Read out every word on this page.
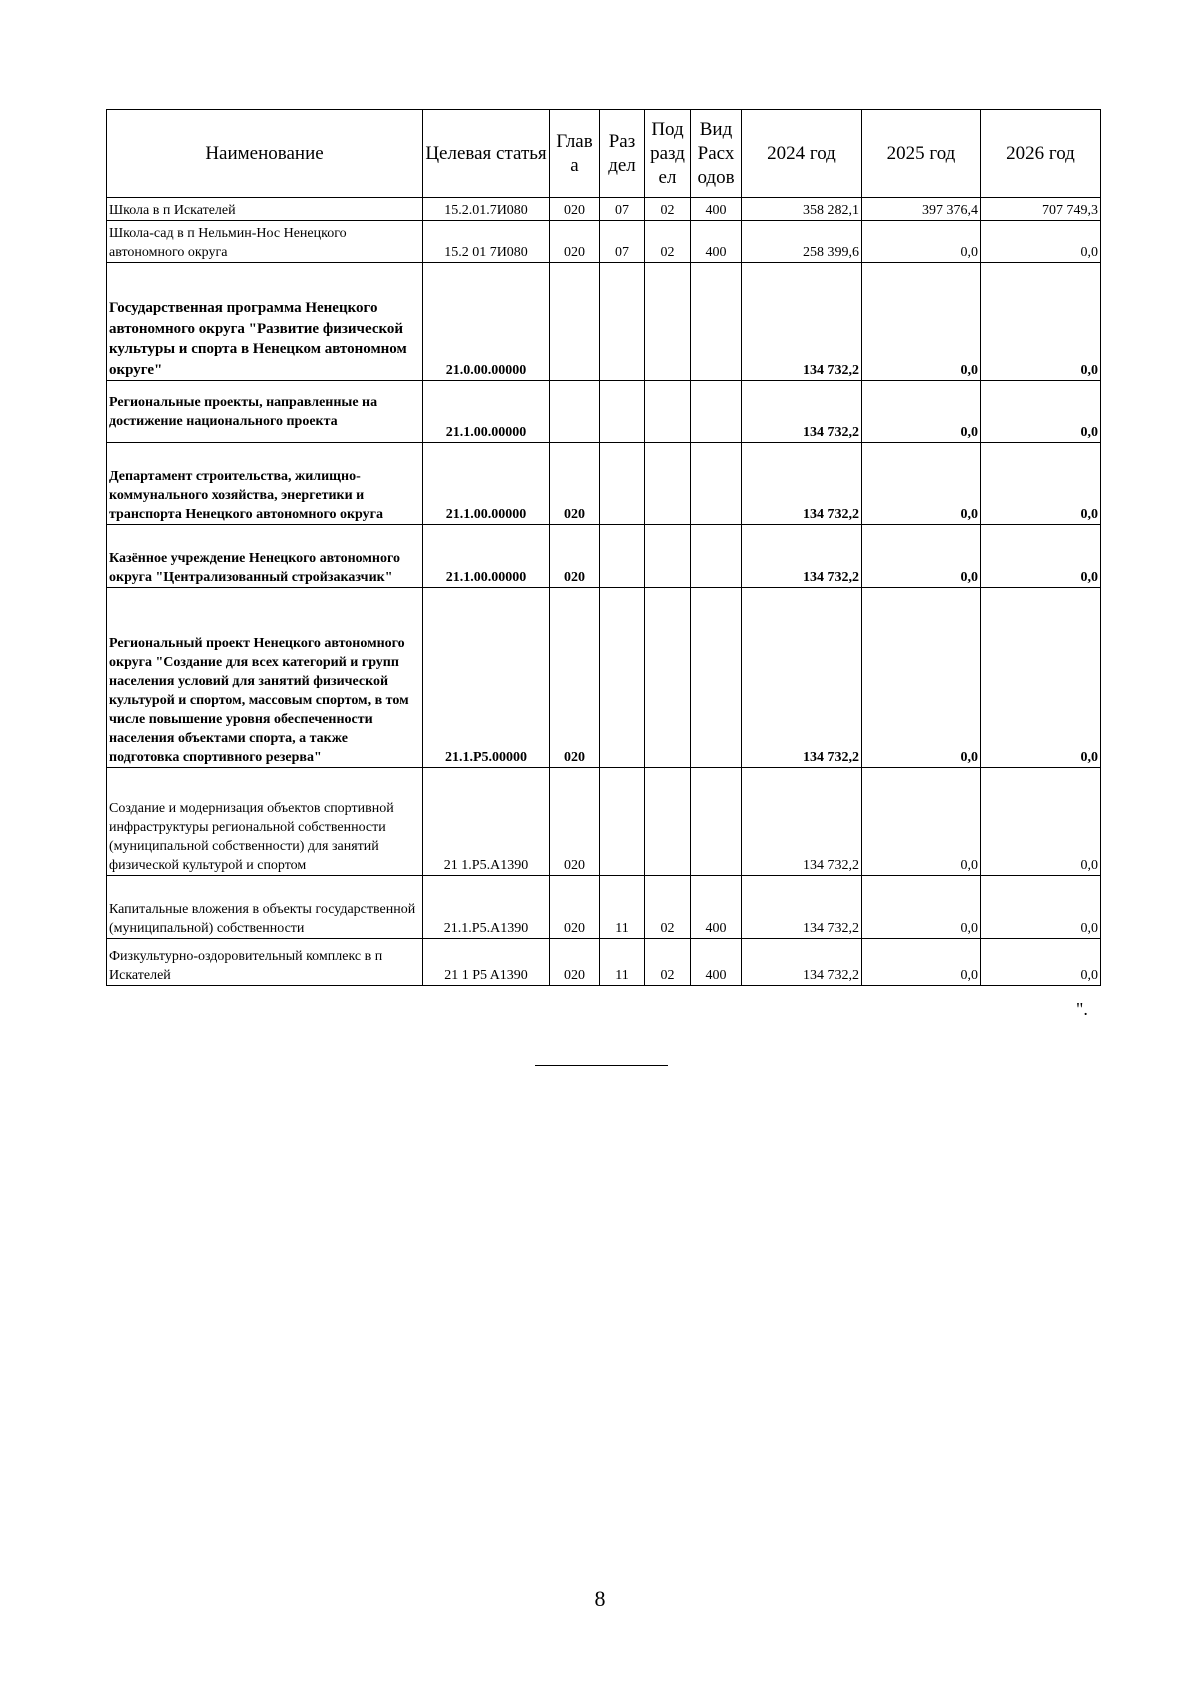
Наименование	Целевая статья	Глав а	Раз дел	Под разд ел	Вид Расх одов	2024 год	2025 год	2026 год
Школа в п Искателей	15.2.01.7И080	020	07	02	400	358 282,1	397 376,4	707 749,3
Школа-сад в п Нельмин-Нос Ненецкого автономного округа	15.2 01 7И080	020	07	02	400	258 399,6	0,0	0,0
Государственная программа Ненецкого автономного округа "Развитие физической культуры и спорта в Ненецком автономном округе"	21.0.00.00000					134 732,2	0,0	0,0
Региональные проекты, направленные на достижение национального проекта	21.1.00.00000					134 732,2	0,0	0,0
Департамент строительства, жилищно-коммунального хозяйства, энергетики и транспорта Ненецкого автономного округа	21.1.00.00000	020				134 732,2	0,0	0,0
Казённое учреждение Ненецкого автономного округа "Централизованный стройзаказчик"	21.1.00.00000	020				134 732,2	0,0	0,0
Региональный проект Ненецкого автономного округа "Создание для всех категорий и групп населения условий для занятий физической культурой и спортом, массовым спортом, в том числе повышение уровня обеспеченности населения объектами спорта, а также подготовка спортивного резерва"	21.1.P5.00000	020				134 732,2	0,0	0,0
Создание и модернизация объектов спортивной инфраструктуры региональной собственности (муниципальной собственности) для занятий физической культурой и спортом	21 1.P5.A1390	020				134 732,2	0,0	0,0
Капитальные вложения в объекты государственной (муниципальной) собственности	21.1.P5.A1390	020	11	02	400	134 732,2	0,0	0,0
Физкультурно-оздоровительный комплекс в п Искателей	21 1 P5 A1390	020	11	02	400	134 732,2	0,0	0,0
".
8
